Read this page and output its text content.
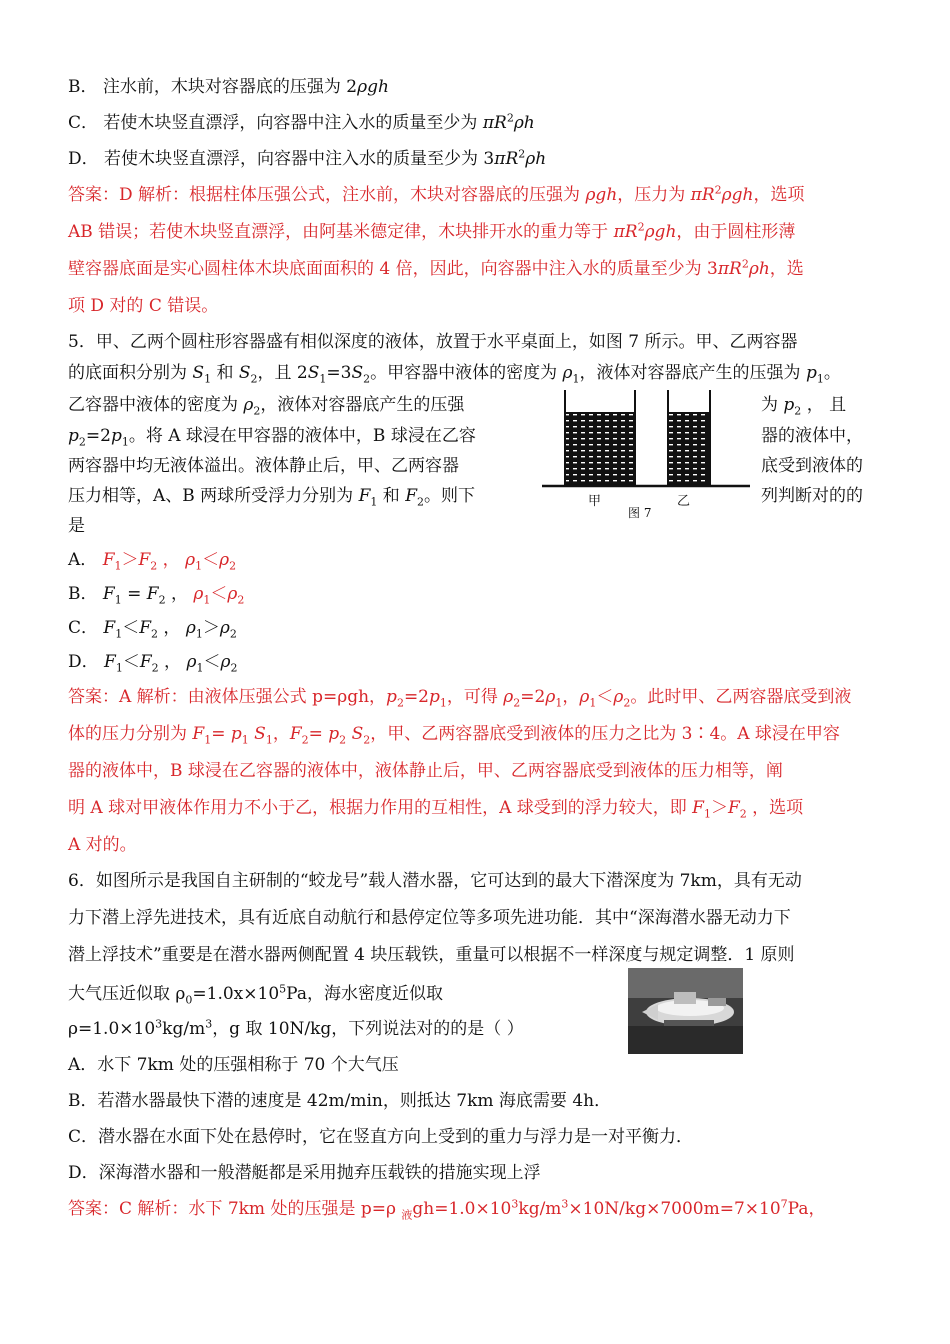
B． 注水前，木块对容器底的压强为 2ρgh
C． 若使木块竖直漂浮，向容器中注入水的质量至少为 $\pi R^2\rho h$
D． 若使木块竖直漂浮，向容器中注入水的质量至少为 $3\pi R^2\rho h$
答案：D 解析：根据柱体压强公式，注水前，木块对容器底的压强为 ρgh，压力为 $\pi R^2\rho gh$，选项
AB 错误；若使木块竖直漂浮，由阿基米德定律，木块排开水的重力等于 $\pi R^2\rho gh$，由于圆柱形薄
壁容器底面是实心圆柱体木块底面面积的 4 倍，因此，向容器中注入水的质量至少为 $3\pi R^2\rho h$，选
项 D 对的 C 错误。
5．甲、乙两个圆柱形容器盛有相似深度的液体，放置于水平桌面上，如图 7 所示。甲、乙两容器
的底面积分别为 $S_1$ 和 $S_2$，且 $2S_1=3S_2$。甲容器中液体的密度为 $\rho_1$，液体对容器底产生的压强为 $p_1$。
乙容器中液体的密度为 $\rho_2$，液体对容器底产生的压强	为 $p_2$ ， 且
$p_2=2p_1$。将 A 球浸在甲容器的液体中，B 球浸在乙容	器的液体中，
两容器中均无液体溢出。液体静止后，甲、乙两容器	底受到液体的
压力相等，A、B 两球所受浮力分别为 $F_1$ 和 $F_2$。则下	列判断对的的
是
甲	乙
图 7
A． $F_1>F_2$ ， $\rho_1<\rho_2$
B． $F_1 = F_2$ ， $\rho_1<\rho_2$
C． $F_1<F_2$ ， $\rho_1>\rho_2$
D． $F_1<F_2$ ， $\rho_1<\rho_2$
答案：A 解析：由液体压强公式 p=ρgh，$p_2=2p_1$，可得 $\rho_2=2\rho_1$，$\rho_1<\rho_2$。此时甲、乙两容器底受到液
体的压力分别为 $F_1= p_1$ $S_1$，$F_2= p_2$ $S_2$，甲、乙两容器底受到液体的压力之比为 3∶4。A 球浸在甲容
器的液体中，B 球浸在乙容器的液体中，液体静止后，甲、乙两容器底受到液体的压力相等，阐
明 A 球对甲液体作用力不小于乙，根据力作用的互相性，A 球受到的浮力较大，即 $F_1>F_2$ ，选项
A 对的。
6．如图所示是我国自主研制的“蛟龙号”载人潜水器，它可达到的最大下潜深度为 7km，具有无动
力下潜上浮先进技术，具有近底自动航行和悬停定位等多项先进功能．其中“深海潜水器无动力下
潜上浮技术”重要是在潜水器两侧配置 4 块压载铁，重量可以根据不一样深度与规定调整．1 原则
大气压近似取 $\rho_0=1.0x\times 10^5Pa$，海水密度近似取
$\rho=1.0\times 10^3kg/m^3$，g 取 10N/kg，下列说法对的的是（ ）
A．水下 7km 处的压强相称于 70 个大气压
B．若潜水器最快下潜的速度是 42m/min，则抵达 7km 海底需要 4h．
C．潜水器在水面下处在悬停时，它在竖直方向上受到的重力与浮力是一对平衡力．
D．深海潜水器和一般潜艇都是采用抛弃压载铁的措施实现上浮
答案：C 解析：水下 7km 处的压强是 p=ρ $_液gh=1.0\times 10^3kg/m^3\times 10N/kg\times 7000m=7\times 10^7Pa$，
